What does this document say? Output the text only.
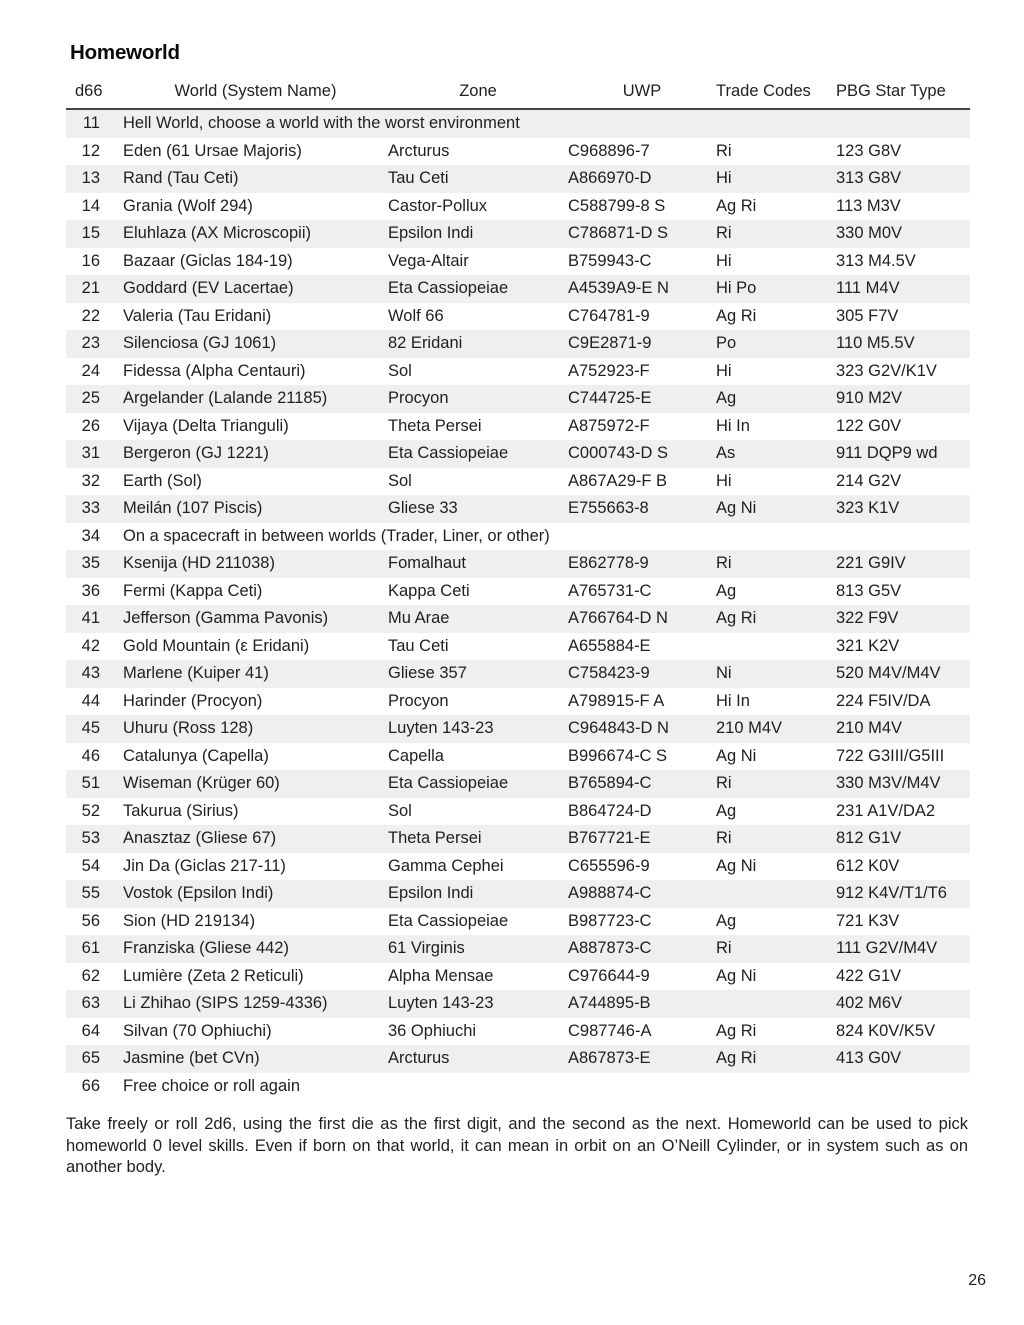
Homeworld
d66	World (System Name)	Zone	UWP	Trade Codes	PBG Star Type
11	Hell World, choose a world with the worst environment				
12	Eden (61 Ursae Majoris)	Arcturus	C968896-7	Ri	123 G8V
13	Rand (Tau Ceti)	Tau Ceti	A866970-D	Hi	313 G8V
14	Grania (Wolf 294)	Castor-Pollux	C588799-8 S	Ag Ri	113 M3V
15	Eluhlaza (AX Microscopii)	Epsilon Indi	C786871-D S	Ri	330 M0V
16	Bazaar (Giclas 184-19)	Vega-Altair	B759943-C	Hi	313 M4.5V
21	Goddard (EV Lacertae)	Eta Cassiopeiae	A4539A9-E N	Hi Po	111 M4V
22	Valeria (Tau Eridani)	Wolf 66	C764781-9	Ag Ri	305 F7V
23	Silenciosa (GJ 1061)	82 Eridani	C9E2871-9	Po	110 M5.5V
24	Fidessa (Alpha Centauri)	Sol	A752923-F	Hi	323 G2V/K1V
25	Argelander (Lalande 21185)	Procyon	C744725-E	Ag	910 M2V
26	Vijaya (Delta Trianguli)	Theta Persei	A875972-F	Hi In	122 G0V
31	Bergeron (GJ 1221)	Eta Cassiopeiae	C000743-D S	As	911 DQP9 wd
32	Earth (Sol)	Sol	A867A29-F B	Hi	214 G2V
33	Meilán (107 Piscis)	Gliese 33	E755663-8	Ag Ni	323 K1V
34	On a spacecraft in between worlds (Trader, Liner, or other)				
35	Ksenija (HD 211038)	Fomalhaut	E862778-9	Ri	221 G9IV
36	Fermi (Kappa Ceti)	Kappa Ceti	A765731-C	Ag	813 G5V
41	Jefferson (Gamma Pavonis)	Mu Arae	A766764-D N	Ag Ri	322 F9V
42	Gold Mountain (ε Eridani)	Tau Ceti	A655884-E		321 K2V
43	Marlene (Kuiper 41)	Gliese 357	C758423-9	Ni	520 M4V/M4V
44	Harinder (Procyon)	Procyon	A798915-F A	Hi In	224 F5IV/DA
45	Uhuru (Ross 128)	Luyten 143-23	C964843-D N	210 M4V	210 M4V
46	Catalunya (Capella)	Capella	B996674-C S	Ag Ni	722 G3III/G5III
51	Wiseman (Krüger 60)	Eta Cassiopeiae	B765894-C	Ri	330 M3V/M4V
52	Takurua (Sirius)	Sol	B864724-D	Ag	231 A1V/DA2
53	Anasztaz (Gliese 67)	Theta Persei	B767721-E	Ri	812 G1V
54	Jin Da (Giclas 217-11)	Gamma Cephei	C655596-9	Ag Ni	612 K0V
55	Vostok (Epsilon Indi)	Epsilon Indi	A988874-C		912 K4V/T1/T6
56	Sion (HD 219134)	Eta Cassiopeiae	B987723-C	Ag	721 K3V
61	Franziska (Gliese 442)	61 Virginis	A887873-C	Ri	111 G2V/M4V
62	Lumière (Zeta 2 Reticuli)	Alpha Mensae	C976644-9	Ag Ni	422 G1V
63	Li Zhihao (SIPS 1259-4336)	Luyten 143-23	A744895-B		402 M6V
64	Silvan (70 Ophiuchi)	36 Ophiuchi	C987746-A	Ag Ri	824 K0V/K5V
65	Jasmine (bet CVn)	Arcturus	A867873-E	Ag Ri	413 G0V
66	Free choice or roll again				

Take freely or roll 2d6, using the first die as the first digit, and the second as the next. Homeworld can be used to pick homeworld 0 level skills. Even if born on that world, it can mean in orbit on an O’Neill Cylinder, or in system such as on another body.

26
